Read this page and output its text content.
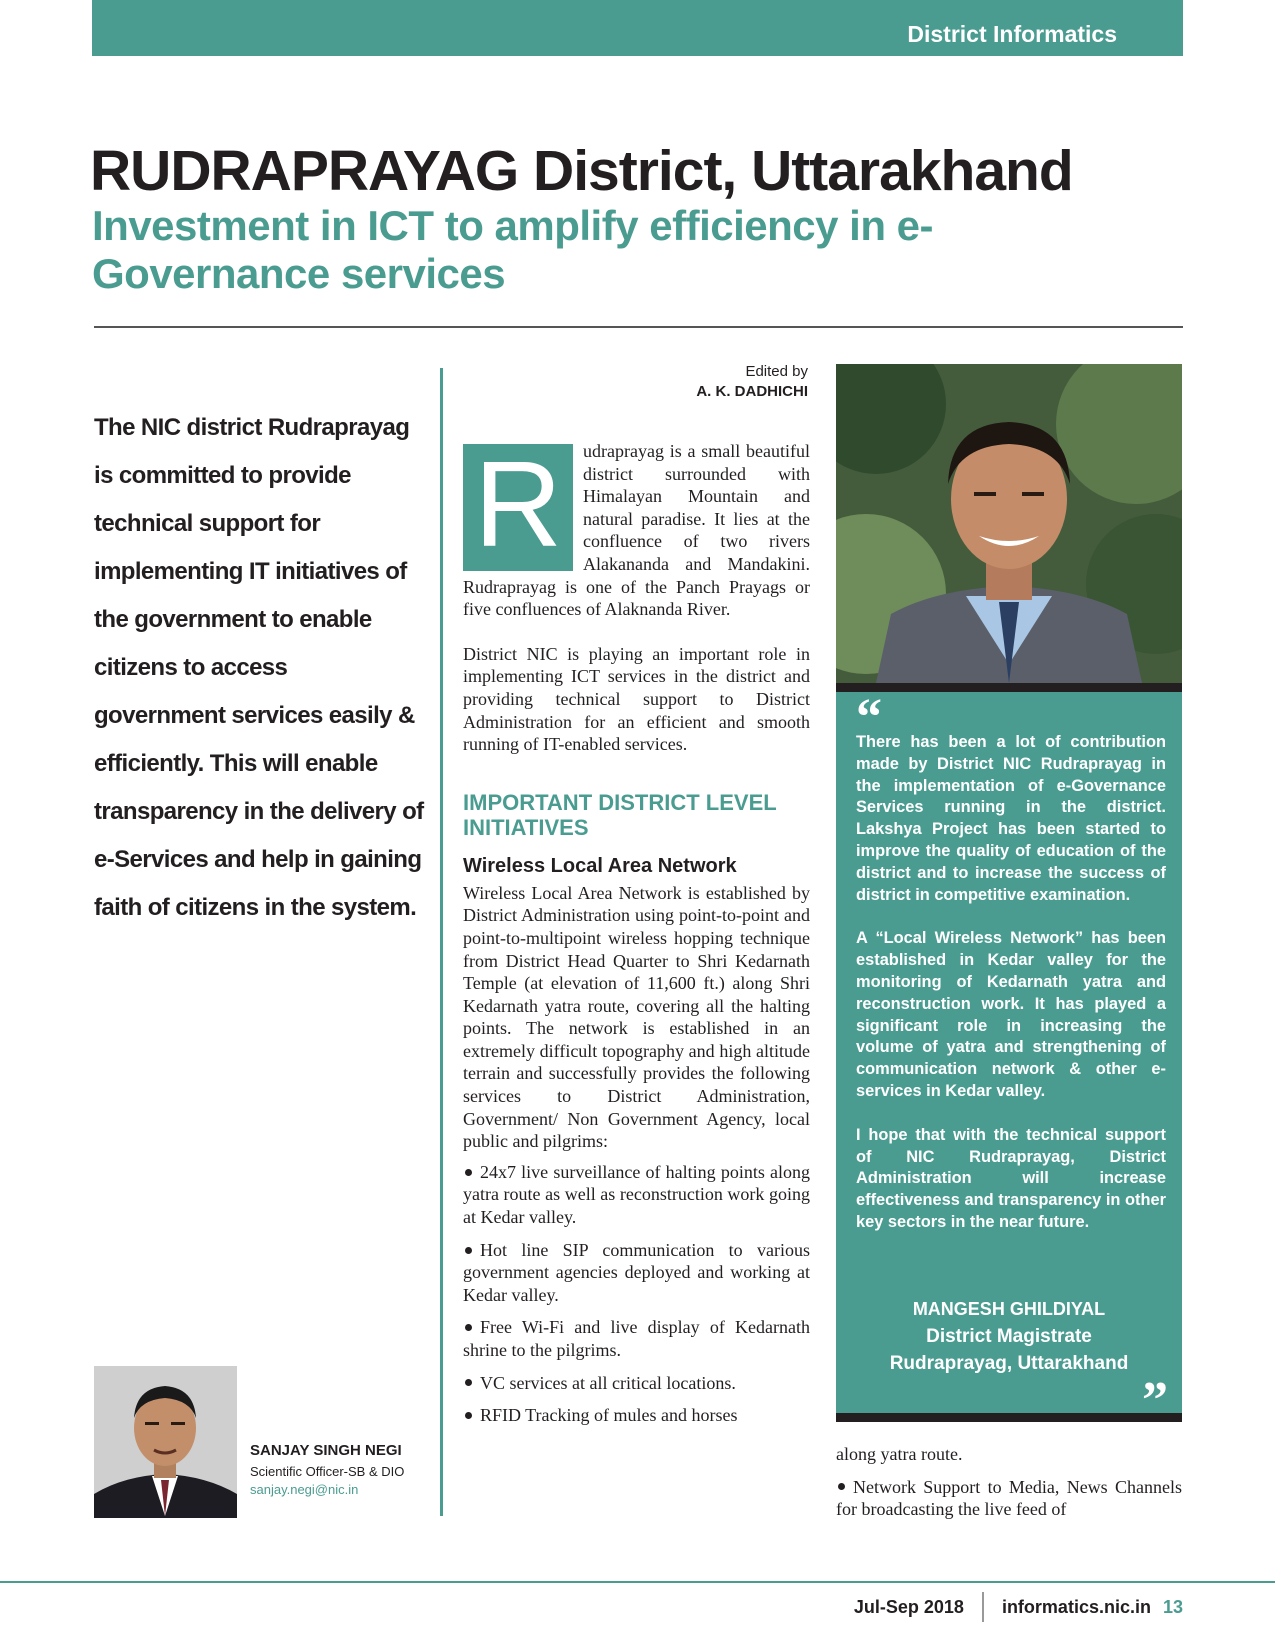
District Informatics
RUDRAPRAYAG District, Uttarakhand
Investment in ICT to amplify efficiency in e-Governance services
The NIC district Rudraprayag is committed to provide technical support for implementing IT initiatives of the government to enable citizens to access government services easily & efficiently. This will enable transparency in the delivery of e-Services and help in gaining faith of citizens in the system.
SANJAY SINGH NEGI
Scientific Officer-SB & DIO
sanjay.negi@nic.in
Edited by
A. K. DADHICHI

R	udraprayag is a small beautiful district surrounded with Himalayan Mountain and natural paradise. It lies at the confluence of two rivers Alakananda and Mandakini. Rudraprayag is one of the Panch Prayags or five confluences of Alaknanda River.

District NIC is playing an important role in implementing ICT services in the district and providing technical support to District Administration for an efficient and smooth running of IT-enabled services.

IMPORTANT DISTRICT LEVEL INITIATIVES
Wireless Local Area Network

Wireless Local Area Network is established by District Administration using point-to-point and point-to-multipoint wireless hopping technique from District Head Quarter to Shri Kedarnath Temple (at elevation of 11,600 ft.) along Shri Kedarnath yatra route, covering all the halting points. The network is established in an extremely difficult topography and high altitude terrain and successfully provides the following services to District Administration, Government/ Non Government Agency, local public and pilgrims:

24x7 live surveillance of halting points along yatra route as well as reconstruction work going at Kedar valley.
Hot line SIP communication to various government agencies deployed and working at Kedar valley.
Free Wi-Fi and live display of Kedarnath shrine to the pilgrims.
VC services at all critical locations.
RFID Tracking of mules and horses
“

There has been a lot of contribution made by District NIC Rudraprayag in the implementation of e-Governance Services running in the district. Lakshya Project has been started to improve the quality of education of the district and to increase the success of district in competitive examination.

A “Local Wireless Network” has been established in Kedar valley for the monitoring of Kedarnath yatra and reconstruction work. It has played a significant role in increasing the volume of yatra and strengthening of communication network & other e-services in Kedar valley.

I hope that with the technical support of NIC Rudraprayag, District Administration will increase effectiveness and transparency in other key sectors in the near future.

MANGESH GHILDIYAL
District Magistrate
Rudraprayag, Uttarakhand
”

along yatra route.

Network Support to Media, News Channels for broadcasting the live feed of
Jul-Sep 2018 informatics.nic.in 13
